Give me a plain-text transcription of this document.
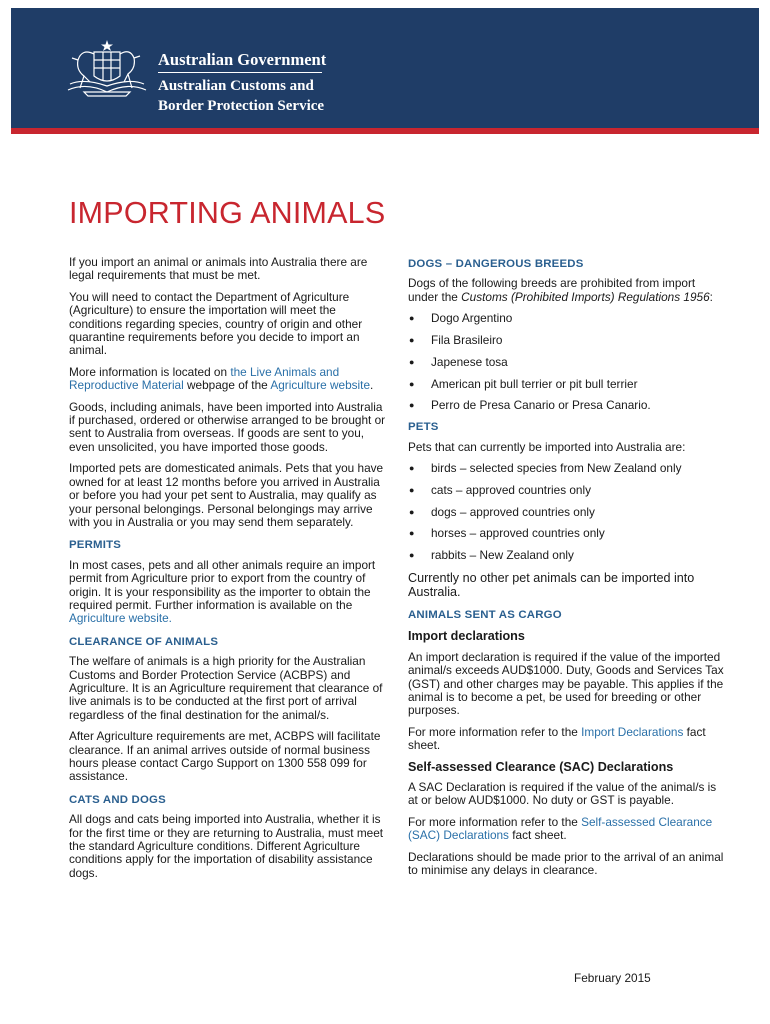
Australian Government
Australian Customs and
Border Protection Service
IMPORTING ANIMALS

If you import an animal or animals into Australia there are legal requirements that must be met.

You will need to contact the Department of Agriculture (Agriculture) to ensure the importation will meet the conditions regarding species, country of origin and other quarantine requirements before you decide to import an animal.

More information is located on the Live Animals and Reproductive Material webpage of the Agriculture website.

Goods, including animals, have been imported into Australia if purchased, ordered or otherwise arranged to be brought or sent to Australia from overseas. If goods are sent to you, even unsolicited, you have imported those goods.

Imported pets are domesticated animals. Pets that you have owned for at least 12 months before you arrived in Australia or before you had your pet sent to Australia, may qualify as your personal belongings. Personal belongings may arrive with you in Australia or you may send them separately.

PERMITS

In most cases, pets and all other animals require an import permit from Agriculture prior to export from the country of origin. It is your responsibility as the importer to obtain the required permit. Further information is available on the Agriculture website.

CLEARANCE OF ANIMALS

The welfare of animals is a high priority for the Australian Customs and Border Protection Service (ACBPS) and Agriculture. It is an Agriculture requirement that clearance of live animals is to be conducted at the first port of arrival regardless of the final destination for the animal/s.

After Agriculture requirements are met, ACBPS will facilitate clearance. If an animal arrives outside of normal business hours please contact Cargo Support on 1300 558 099 for assistance.

CATS AND DOGS

All dogs and cats being imported into Australia, whether it is for the first time or they are returning to Australia, must meet the standard Agriculture conditions. Different Agriculture conditions apply for the importation of disability assistance dogs.

DOGS – DANGEROUS BREEDS

Dogs of the following breeds are prohibited from import under the Customs (Prohibited Imports) Regulations 1956:

● Dogo Argentino
● Fila Brasileiro
● Japenese tosa
● American pit bull terrier or pit bull terrier
● Perro de Presa Canario or Presa Canario.
PETS

Pets that can currently be imported into Australia are:

● birds – selected species from New Zealand only
● cats – approved countries only
● dogs – approved countries only
● horses – approved countries only
● rabbits – New Zealand only

Currently no other pet animals can be imported into Australia.

ANIMALS SENT AS CARGO
Import declarations

An import declaration is required if the value of the imported animal/s exceeds AUD$1000. Duty, Goods and Services Tax (GST) and other charges may be payable. This applies if the animal is to become a pet, be used for breeding or other purposes.

For more information refer to the Import Declarations fact sheet.

Self-assessed Clearance (SAC) Declarations

A SAC Declaration is required if the value of the animal/s is at or below AUD$1000. No duty or GST is payable.

For more information refer to the Self-assessed Clearance (SAC) Declarations fact sheet.

Declarations should be made prior to the arrival of an animal to minimise any delays in clearance.

February 2015
